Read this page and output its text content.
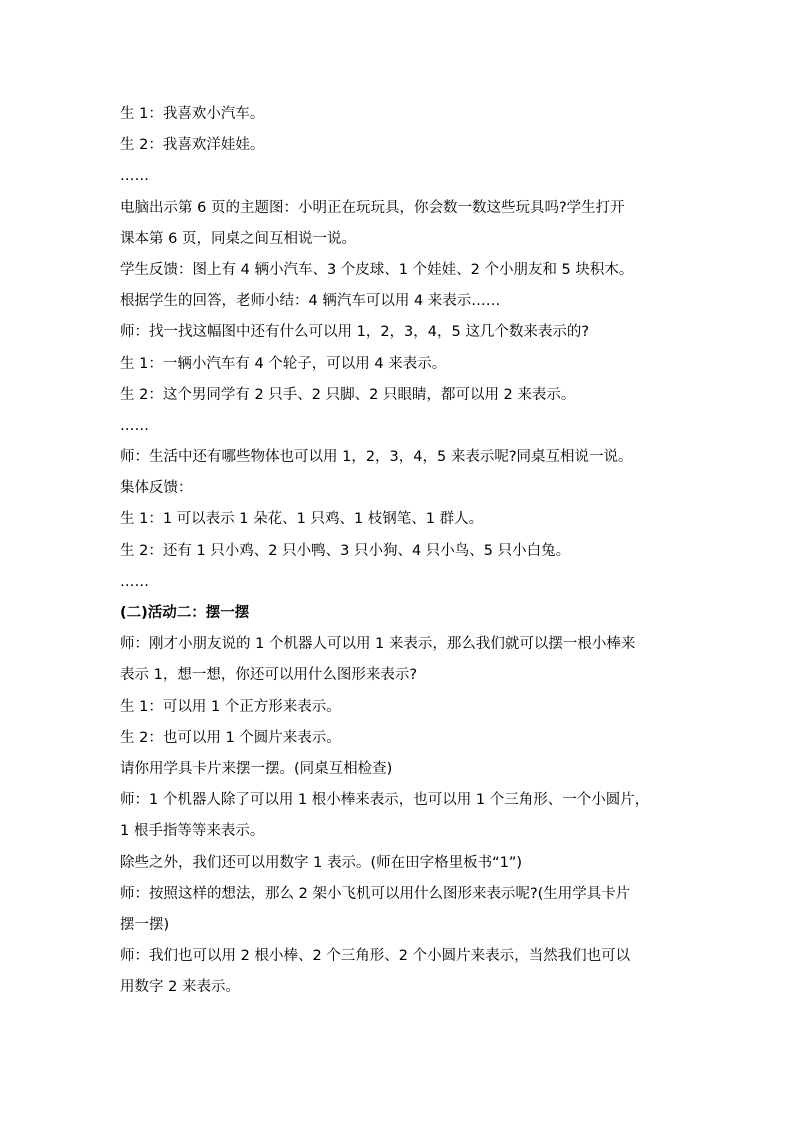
生 1：我喜欢小汽车。
生 2：我喜欢洋娃娃。
……
电脑出示第 6 页的主题图：小明正在玩玩具，你会数一数这些玩具吗?学生打开
课本第 6 页，同桌之间互相说一说。
学生反馈：图上有 4 辆小汽车、3 个皮球、1 个娃娃、2 个小朋友和 5 块积木。
根据学生的回答，老师小结：4 辆汽车可以用 4 来表示……
师：找一找这幅图中还有什么可以用 1，2，3，4，5 这几个数来表示的?
生 1：一辆小汽车有 4 个轮子，可以用 4 来表示。
生 2：这个男同学有 2 只手、2 只脚、2 只眼睛，都可以用 2 来表示。
……
师：生活中还有哪些物体也可以用 1，2，3，4，5 来表示呢?同桌互相说一说。
集体反馈：
生 1：1 可以表示 1 朵花、1 只鸡、1 枝钢笔、1 群人。
生 2：还有 1 只小鸡、2 只小鸭、3 只小狗、4 只小鸟、5 只小白兔。
……
(二)活动二：摆一摆
师：刚才小朋友说的 1 个机器人可以用 1 来表示，那么我们就可以摆一根小棒来
表示 1，想一想，你还可以用什么图形来表示?
生 1：可以用 1 个正方形来表示。
生 2：也可以用 1 个圆片来表示。
请你用学具卡片来摆一摆。(同桌互相检查)
师：1 个机器人除了可以用 1 根小棒来表示，也可以用 1 个三角形、一个小圆片，
1 根手指等等来表示。
除些之外，我们还可以用数字 1 表示。(师在田字格里板书“1”)
师：按照这样的想法，那么 2 架小飞机可以用什么图形来表示呢?(生用学具卡片
摆一摆)
师：我们也可以用 2 根小棒、2 个三角形、2 个小圆片来表示，当然我们也可以
用数字 2 来表示。
